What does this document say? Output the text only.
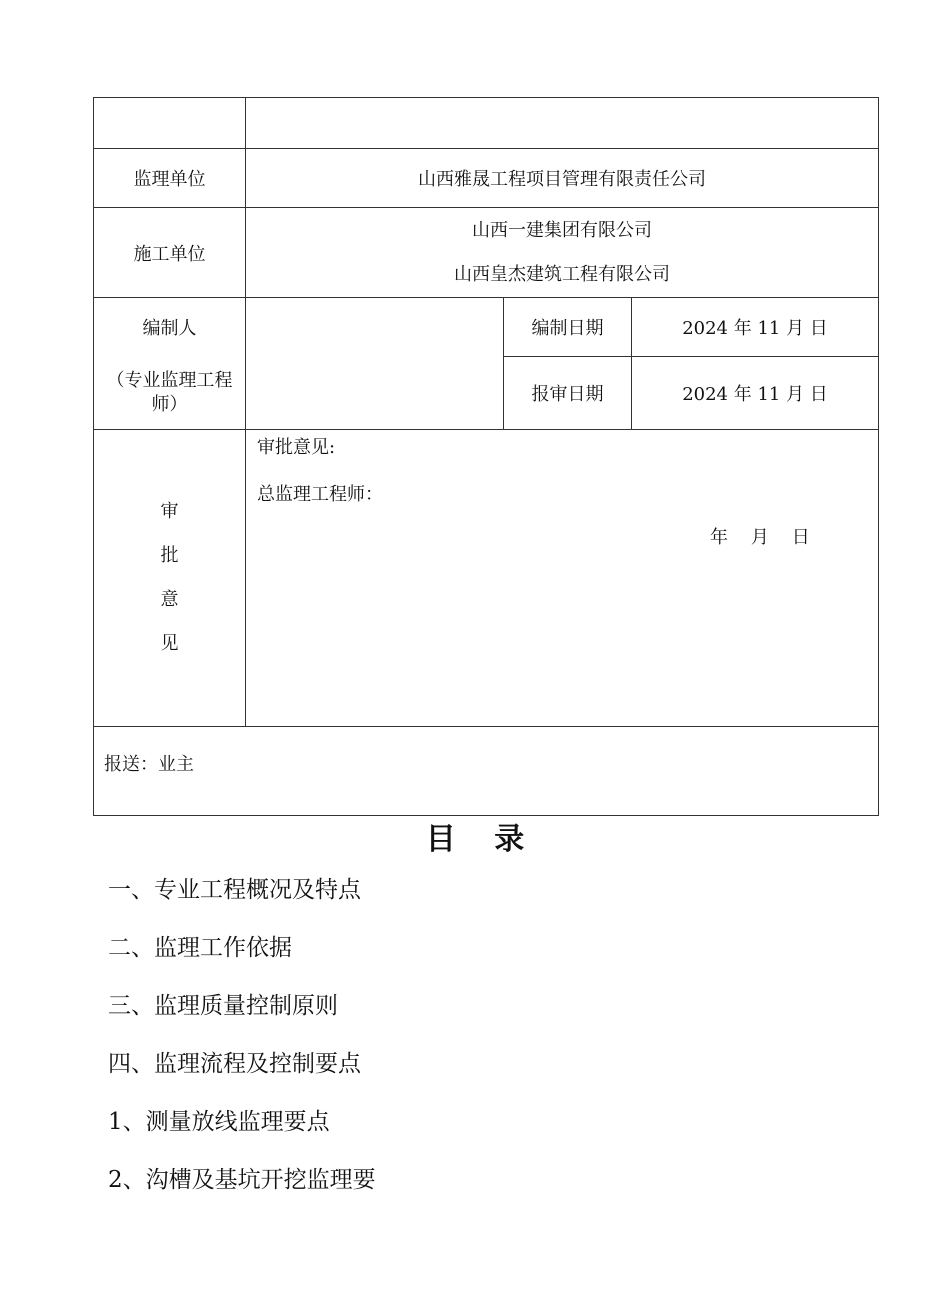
监理单位	山西雅晟工程项目管理有限责任公司		
施工单位	山西一建集团有限公司
山西皇杰建筑工程有限公司		

编制人		编制日期	2024 年 11 月 日
（专业监理工程师）		报审日期	2024 年 11 月 日

审
批
意
见	审批意见:
总监理工程师：
年    月    日		

报送：业主			
目 录
一、专业工程概况及特点
二、监理工作依据
三、监理质量控制原则
四、监理流程及控制要点
1、测量放线监理要点
2、沟槽及基坑开挖监理要
